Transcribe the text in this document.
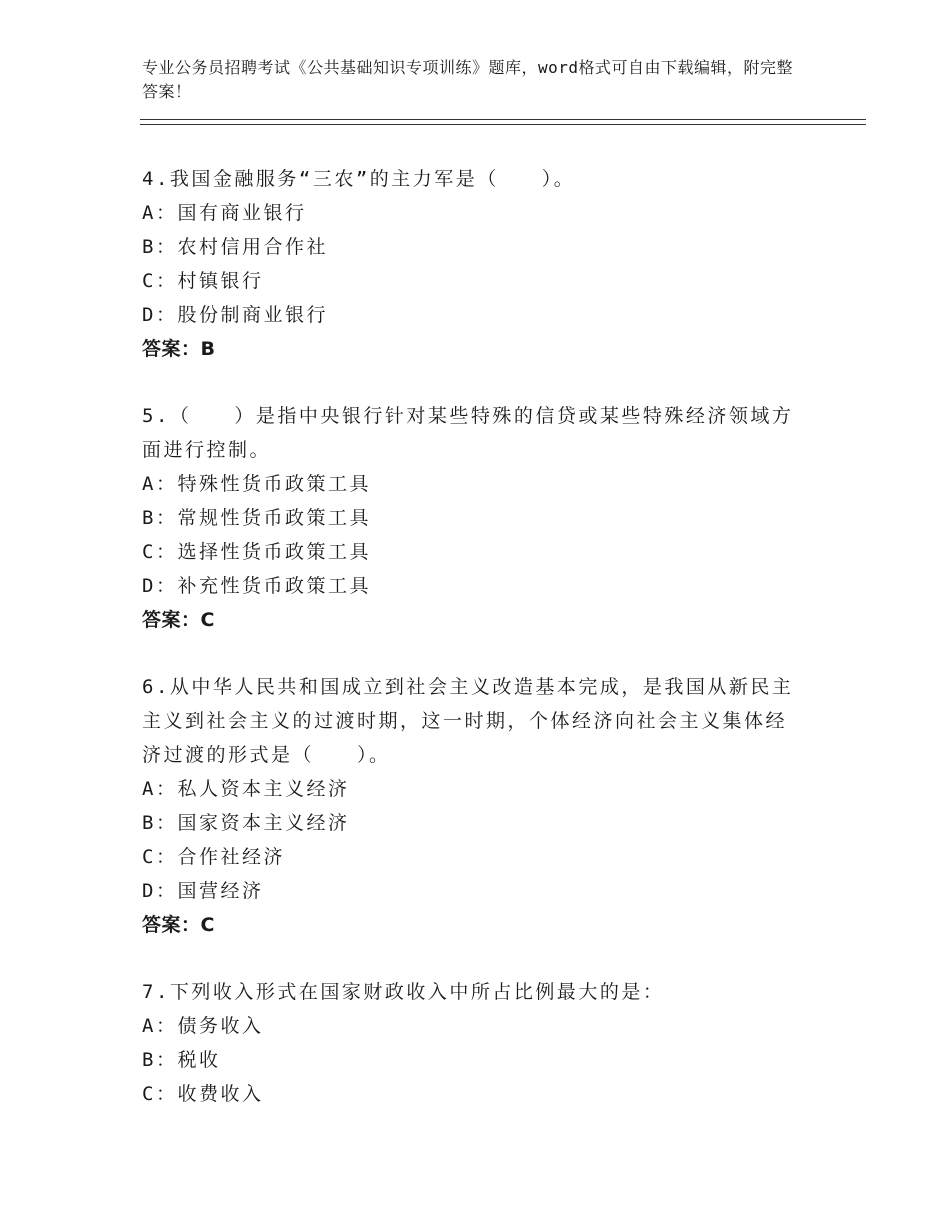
专业公务员招聘考试《公共基础知识专项训练》题库，word格式可自由下载编辑，附完整答案！

4.我国金融服务“三农”的主力军是（　　）。

A：国有商业银行

B：农村信用合作社

C：村镇银行

D：股份制商业银行

答案：B

5.（　　）是指中央银行针对某些特殊的信贷或某些特殊经济领域方面进行控制。

A：特殊性货币政策工具

B：常规性货币政策工具

C：选择性货币政策工具

D：补充性货币政策工具

答案：C

6.从中华人民共和国成立到社会主义改造基本完成，是我国从新民主主义到社会主义的过渡时期，这一时期，个体经济向社会主义集体经济过渡的形式是（　　）。

A：私人资本主义经济

B：国家资本主义经济

C：合作社经济

D：国营经济

答案：C

7.下列收入形式在国家财政收入中所占比例最大的是：

A：债务收入

B：税收

C：收费收入
